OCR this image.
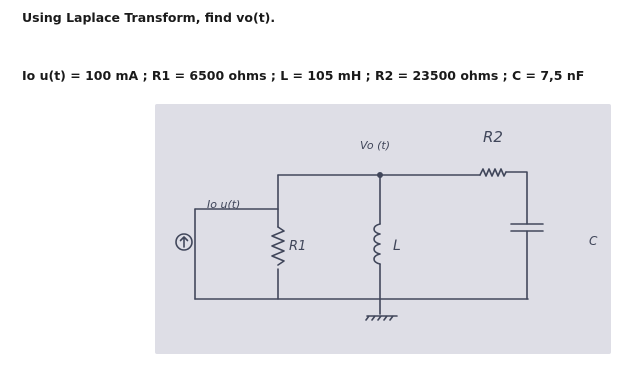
Using Laplace Transform, find vo(t).

Io u(t) = 100 mA ; R1 = 6500 ohms ; L = 105 mH ; R2 = 23500 ohms ; C = 7,5 nF

Io u(t)
R1	L
Vo (t)	R2
C
